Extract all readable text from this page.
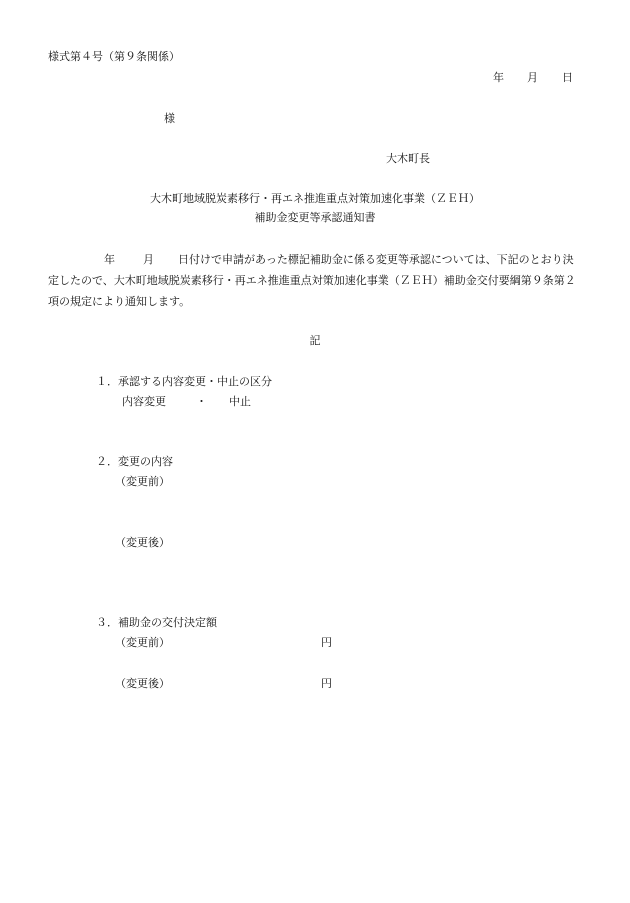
様式第４号（第９条関係）
年 月 日
様
大木町長
大木町地域脱炭素移行・再エネ推進重点対策加速化事業（ＺＥＨ）
補助金変更等承認通知書
年	月 日付けで申請があった標記補助金に係る変更等承認については、下記のとおり決定したので、大木町地域脱炭素移行・再エネ推進重点対策加速化事業（ＺＥＨ）補助金交付要綱第９条第２項の規定により通知します。
記
１．承認する内容変更・中止の区分
内容変更	・ 中止
２．変更の内容
（変更前）
（変更後）
３．補助金の交付決定額
（変更前）	円
（変更後）	円
